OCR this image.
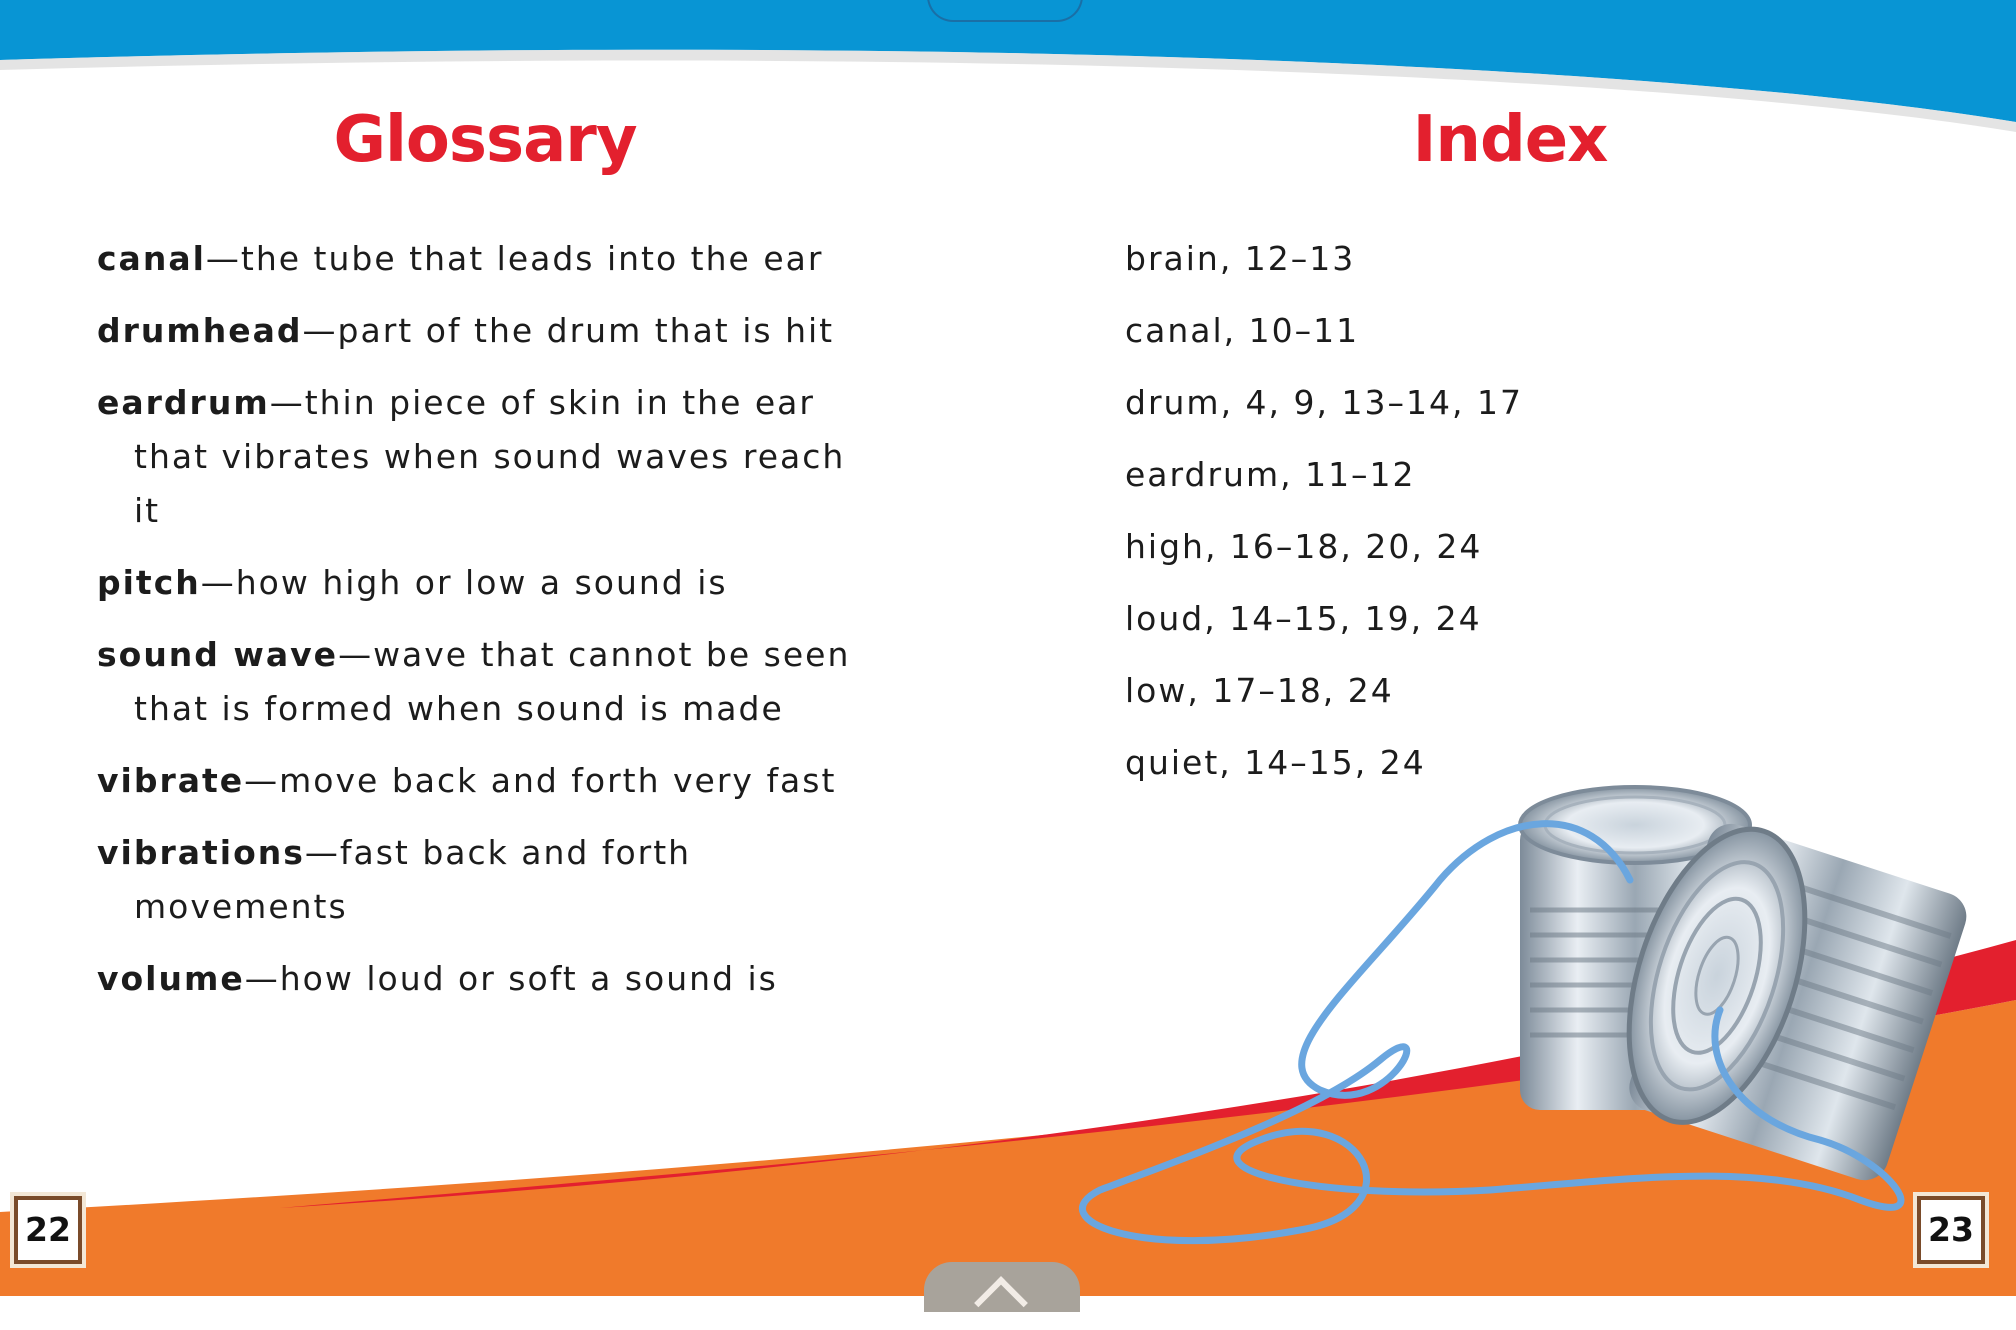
Glossary	Index
canal—the tube that leads into the ear
drumhead—part of the drum that is hit
eardrum—thin piece of skin in the ear that vibrates when sound waves reach it
pitch—how high or low a sound is
sound wave—wave that cannot be seen that is formed when sound is made
vibrate—move back and forth very fast
vibrations—fast back and forth movements
volume—how loud or soft a sound is
brain, 12–13
canal, 10–11
drum, 4, 9, 13–14, 17
eardrum, 11–12
high, 16–18, 20, 24
loud, 14–15, 19, 24
low, 17–18, 24
quiet, 14–15, 24
22	23
